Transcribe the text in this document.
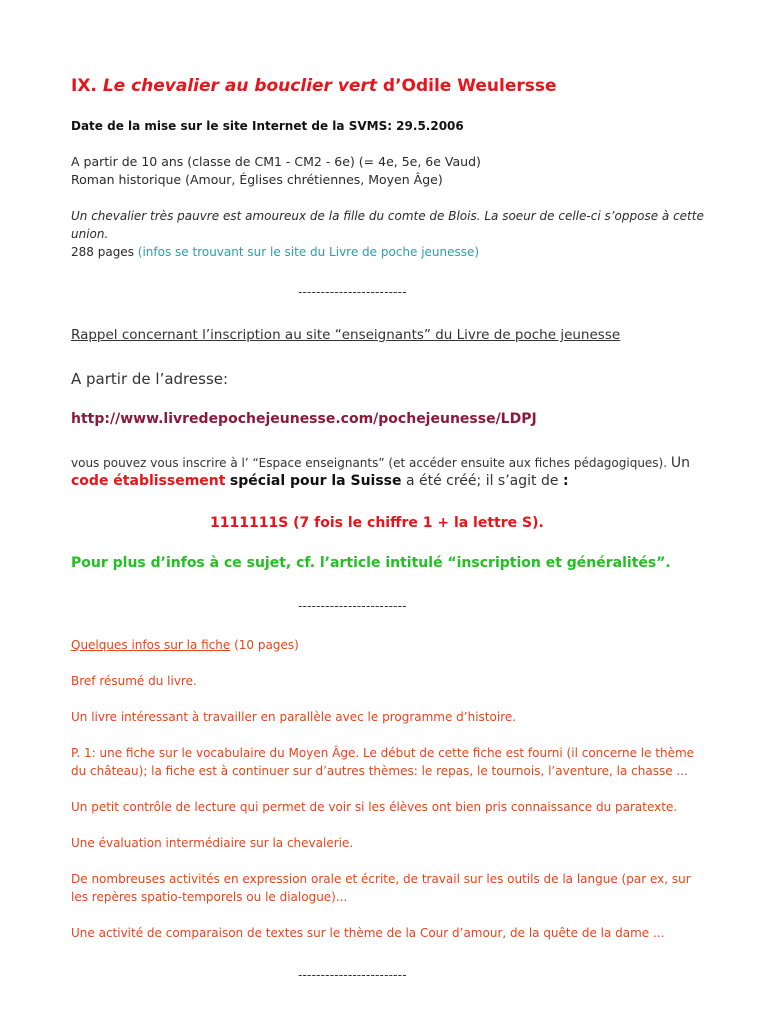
IX. Le chevalier au bouclier vert d’Odile Weulersse
Date de la mise sur le site Internet de la SVMS: 29.5.2006
A partir de 10 ans (classe de CM1 - CM2 - 6e) (= 4e, 5e, 6e Vaud)
Roman historique (Amour, Églises chrétiennes, Moyen Âge)
Un chevalier très pauvre est amoureux de la fille du comte de Blois. La soeur de celle-ci s’oppose à cette
union.
288 pages (infos se trouvant sur le site du Livre de poche jeunesse)
------------------------
Rappel concernant l’inscription au site “enseignants” du Livre de poche jeunesse
A partir de l’adresse:
http://www.livredepochejeunesse.com/pochejeunesse/LDPJ
vous pouvez vous inscrire à l’ “Espace enseignants” (et accéder ensuite aux fiches pédagogiques). Un
code établissement spécial pour la Suisse a été créé; il s’agit de :
1111111S (7 fois le chiffre 1 + la lettre S).
Pour plus d’infos à ce sujet, cf. l’article intitulé “inscription et généralités”.
------------------------
Quelques infos sur la fiche (10 pages)
Bref résumé du livre.
Un livre intéressant à travailler en parallèle avec le programme d’histoire.
P. 1: une fiche sur le vocabulaire du Moyen Âge. Le début de cette fiche est fourni (il concerne le thème
du château); la fiche est à continuer sur d’autres thèmes: le repas, le tournois, l’aventure, la chasse ...
Un petit contrôle de lecture qui permet de voir si les élèves ont bien pris connaissance du paratexte.
Une évaluation intermédiaire sur la chevalerie.
De nombreuses activités en expression orale et écrite, de travail sur les outils de la langue (par ex, sur
les repères spatio-temporels ou le dialogue)...
Une activité de comparaison de textes sur le thème de la Cour d’amour, de la quête de la dame ...
------------------------
